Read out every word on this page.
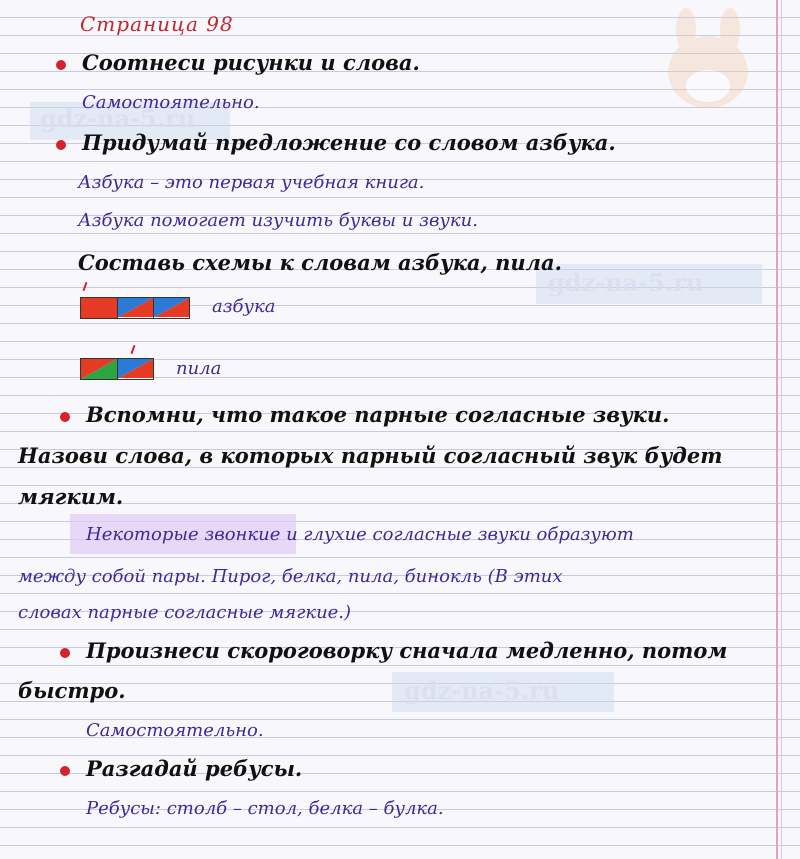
gdz-na-5.ru
gdz-na-5.ru
gdz-na-5.ru
Страница 98
Соотнеси рисунки и слова.
Самостоятельно.
Придумай предложение со словом азбука.
Азбука – это первая учебная книга.
Азбука помогает изучить буквы и звуки.
Составь схемы к словам азбука, пила.
азбука
пила
Вспомни, что такое парные согласные звуки.
Назови слова, в которых парный согласный звук будет
мягким.
Некоторые звонкие и глухие согласные звуки образуют
между собой пары. Пирог, белка, пила, бинокль (В этих
словах парные согласные мягкие.)
Произнеси скороговорку сначала медленно, потом
быстро.
Самостоятельно.
Разгадай ребусы.
Ребусы: столб – стол, белка – булка.
